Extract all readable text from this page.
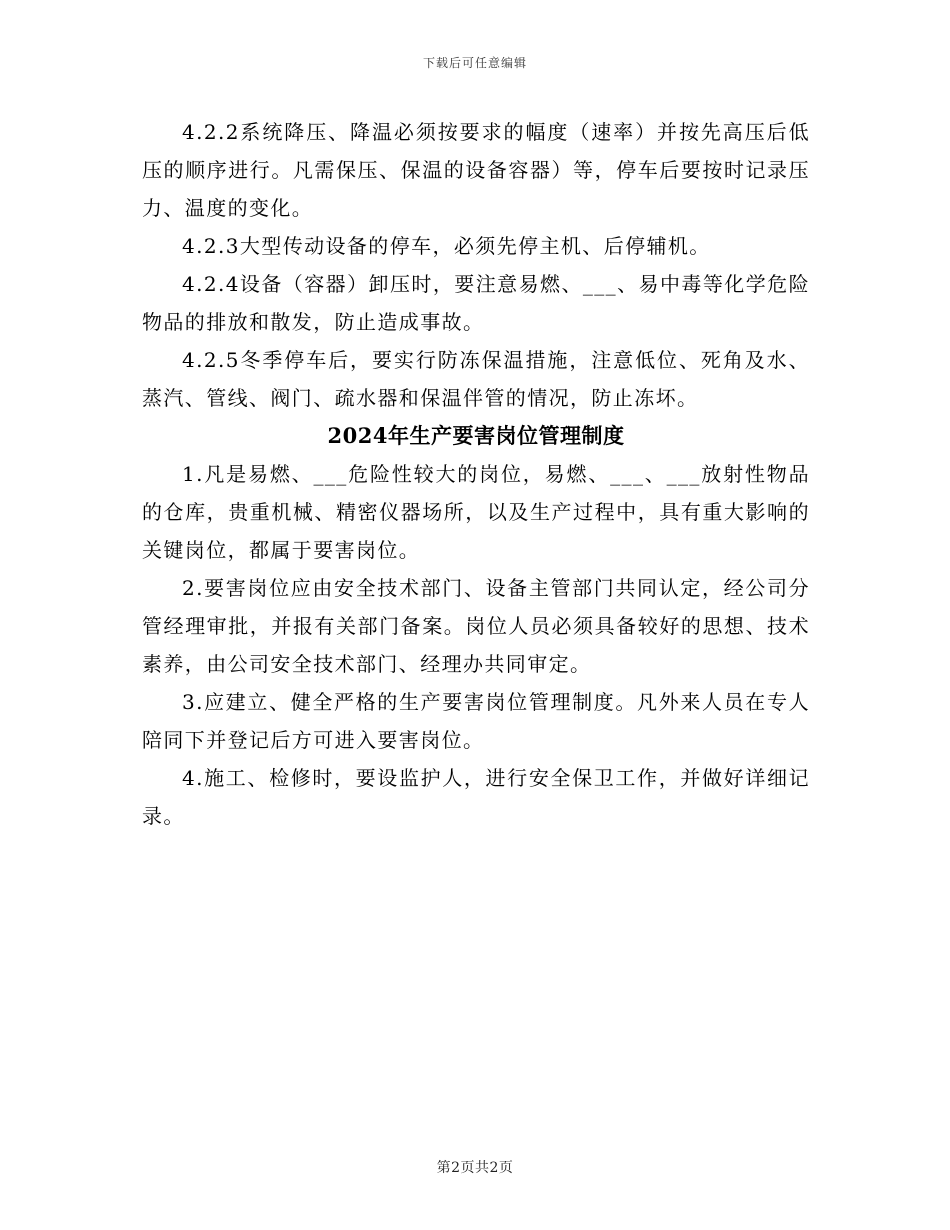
下载后可任意编辑

4.2.2系统降压、降温必须按要求的幅度（速率）并按先高压后低压的顺序进行。凡需保压、保温的设备容器）等，停车后要按时记录压力、温度的变化。

4.2.3大型传动设备的停车，必须先停主机、后停辅机。

4.2.4设备（容器）卸压时，要注意易燃、___、易中毒等化学危险物品的排放和散发，防止造成事故。

4.2.5冬季停车后，要实行防冻保温措施，注意低位、死角及水、蒸汽、管线、阀门、疏水器和保温伴管的情况，防止冻坏。

2024年生产要害岗位管理制度

1.凡是易燃、___危险性较大的岗位，易燃、___、___放射性物品的仓库，贵重机械、精密仪器场所，以及生产过程中，具有重大影响的关键岗位，都属于要害岗位。

2.要害岗位应由安全技术部门、设备主管部门共同认定，经公司分管经理审批，并报有关部门备案。岗位人员必须具备较好的思想、技术素养，由公司安全技术部门、经理办共同审定。

3.应建立、健全严格的生产要害岗位管理制度。凡外来人员在专人陪同下并登记后方可进入要害岗位。

4.施工、检修时，要设监护人，进行安全保卫工作，并做好详细记录。

第2页共2页
